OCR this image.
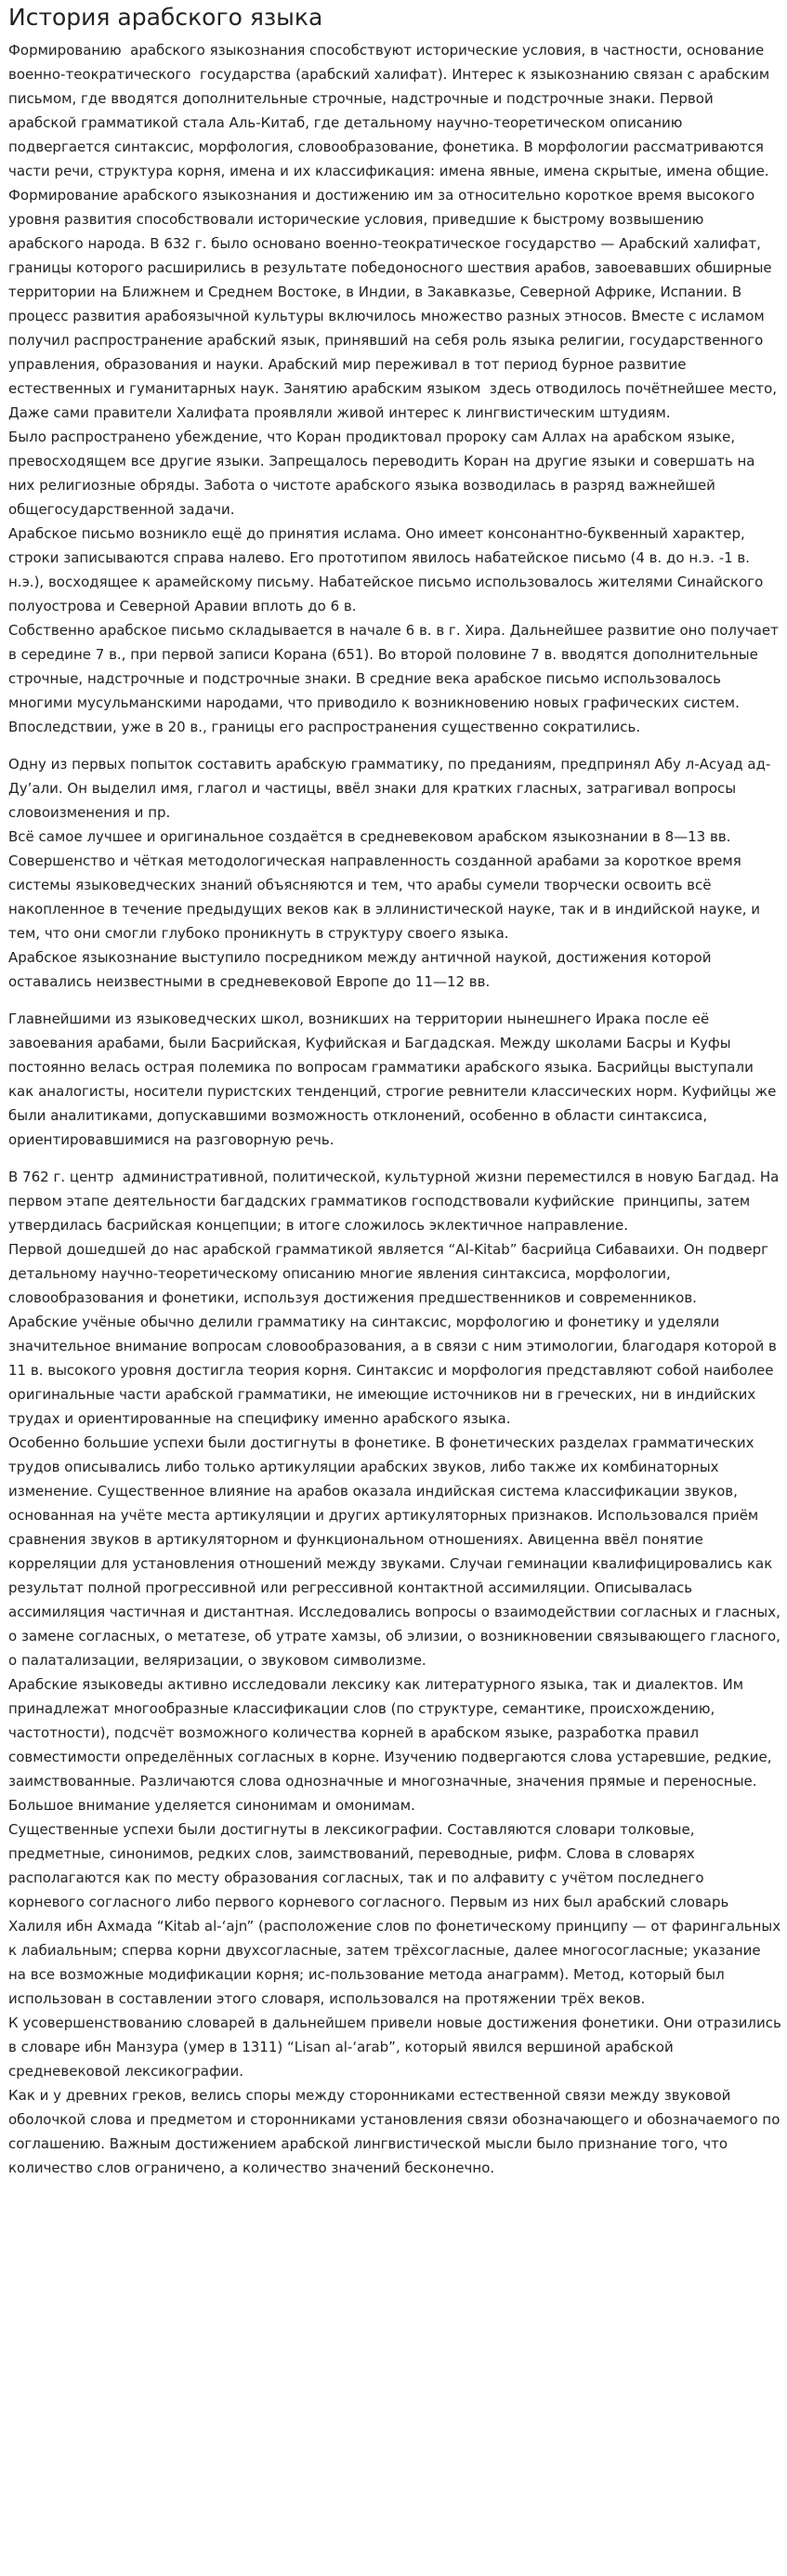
История арабского языка

Формированию  арабского языкознания способствуют исторические условия, в частности, основание военно-теократического  государства (арабский халифат). Интерес к языкознанию связан с арабским письмом, где вводятся дополнительные строчные, надстрочные и подстрочные знаки. Первой арабской грамматикой стала Аль-Китаб, где детальному научно-теоретическом описанию подвергается синтаксис, морфология, словообразование, фонетика. В морфологии рассматриваются части речи, структура корня, имена и их классификация: имена явные, имена скрытые, имена общие.

Формирование арабского языкознания и достижению им за относительно короткое время высокого уровня развития способствовали исторические условия, приведшие к быстрому возвышению арабского народа. В 632 г. было основано военно-теократическое государство — Арабский халифат, границы которого расширились в результате победоносного шествия арабов, завоевавших обширные территории на Ближнем и Среднем Востоке, в Индии, в Закавказье, Северной Африке, Испании. В процесс развития арабоязычной культуры включилось множество разных этносов. Вместе с исламом получил распространение арабский язык, принявший на себя роль языка религии, государственного управления, образования и науки. Арабский мир переживал в тот период бурное развитие естественных и гуманитарных наук. Занятию арабским языком  здесь отводилось почётнейшее место, Даже сами правители Халифата проявляли живой интерес к лингвистическим штудиям.

Было распространено убеждение, что Коран продиктовал пророку сам Аллах на арабском языке, превосходящем все другие языки. Запрещалось переводить Коран на другие языки и совершать на них религиозные обряды. Забота о чистоте арабского языка возводилась в разряд важнейшей общегосударственной задачи.

Арабское письмо возникло ещё до принятия ислама. Оно имеет консонантно-буквенный характер, строки записываются справа налево. Его прототипом явилось набатейское письмо (4 в. до н.э. -1 в. н.э.), восходящее к арамейскому письму. Набатейское письмо использовалось жителями Синайского полуострова и Северной Аравии вплоть до 6 в.

Собственно арабское письмо складывается в начале 6 в. в г. Хира. Дальнейшее развитие оно получает в середине 7 в., при первой записи Корана (651). Во второй половине 7 в. вводятся дополнительные строчные, надстрочные и подстрочные знаки. В средние века арабское письмо использовалось многими мусульманскими народами, что приводило к возникновению новых графических систем. Впоследствии, уже в 20 в., границы его распространения существенно сократились.

Одну из первых попыток составить арабскую грамматику, по преданиям, предпринял Абу л-Асуад ад-Ду’али. Он выделил имя, глагол и частицы, ввёл знаки для кратких гласных, затрагивал вопросы словоизменения и пр.

Всё самое лучшее и оригинальное создаётся в средневековом арабском языкознании в 8—13 вв. Совершенство и чёткая методологическая направленность созданной арабами за короткое время системы языковедческих знаний объясняются и тем, что арабы сумели творчески освоить всё накопленное в течение предыдущих веков как в эллинистической науке, так и в индийской науке, и тем, что они смогли глубоко проникнуть в структуру своего языка.

Арабское языкознание выступило посредником между античной наукой, достижения которой оставались неизвестными в средневековой Европе до 11—12 вв.

Главнейшими из языковедческих школ, возникших на территории нынешнего Ирака после её завоевания арабами, были Басрийская, Куфийская и Багдадская. Между школами Басры и Куфы постоянно велась острая полемика по вопросам грамматики арабского языка. Басрийцы выступали как аналогисты, носители пуристских тенденций, строгие ревнители классических норм. Куфийцы же были аналитиками, допускавшими возможность отклонений, особенно в области синтаксиса, ориентировавшимися на разговорную речь.

В 762 г. центр  административной, политической, культурной жизни переместился в новую Багдад. На первом этапе деятельности багдадских грамматиков господствовали куфийские  принципы, затем утвердилась басрийская концепции; в итоге сложилось эклектичное направление.

Первой дошедшей до нас арабской грамматикой является “Al-Kitab” басрийца Сибаваихи. Он подверг детальному научно-теоретическому описанию многие явления синтаксиса, морфологии, словообразования и фонетики, используя достижения предшественников и современников.

Арабские учёные обычно делили грамматику на синтаксис, морфологию и фонетику и уделяли значительное внимание вопросам словообразования, а в связи с ним этимологии, благодаря которой в 11 в. высокого уровня достигла теория корня. Синтаксис и морфология представляют собой наиболее оригинальные части арабской грамматики, не имеющие источников ни в греческих, ни в индийских трудах и ориентированные на специфику именно арабского языка.

Особенно большие успехи были достигнуты в фонетике. В фонетических разделах грамматических трудов описывались либо только артикуляции арабских звуков, либо также их комбинаторных изменение. Существенное влияние на арабов оказала индийская система классификации звуков, основанная на учёте места артикуляции и других артикуляторных признаков. Использовался приём сравнения звуков в артикуляторном и функциональном отношениях. Авиценна ввёл понятие корреляции для установления отношений между звуками. Случаи геминации квалифицировались как результат полной прогрессивной или регрессивной контактной ассимиляции. Описывалась ассимиляция частичная и дистантная. Исследовались вопросы о взаимодействии согласных и гласных, о замене согласных, о метатезе, об утрате хамзы, об элизии, о возникновении связывающего гласного, о палатализации, веляризации, о звуковом символизме.

Арабские языковеды активно исследовали лексику как литературного языка, так и диалектов. Им принадлежат многообразные классификации слов (по структуре, семантике, происхождению, частотности), подсчёт возможного количества корней в арабском языке, разработка правил совместимости определённых согласных в корне. Изучению подвергаются слова устаревшие, редкие, заимствованные. Различаются слова однозначные и многозначные, значения прямые и переносные. Большое внимание уделяется синонимам и омонимам.

Существенные успехи были достигнуты в лексикографии. Составляются словари толковые, предметные, синонимов, редких слов, заимствований, переводные, рифм. Слова в словарях располагаются как по месту образования согласных, так и по алфавиту с учётом последнего корневого согласного либо первого корневого согласного. Первым из них был арабский словарь Халиля ибн Ахмада “Kitab al-‘ajn” (расположение слов по фонетическому принципу — от фарингальных к лабиальным; сперва корни двухсогласные, затем трёхсогласные, далее многосогласные; указание на все возможные модификации корня; ис-пользование метода анаграмм). Метод, который был использован в составлении этого словаря, использовался на протяжении трёх веков.

К усовершенствованию словарей в дальнейшем привели новые достижения фонетики. Они отразились в словаре ибн Манзура (умер в 1311) “Lisan al-‘arab”, который явился вершиной арабской средневековой лексикографии.

Как и у древних греков, велись споры между сторонниками естественной связи между звуковой оболочкой слова и предметом и сторонниками установления связи обозначающего и обозначаемого по соглашению. Важным достижением арабской лингвистической мысли было признание того, что количество слов ограничено, а количество значений бесконечно.
